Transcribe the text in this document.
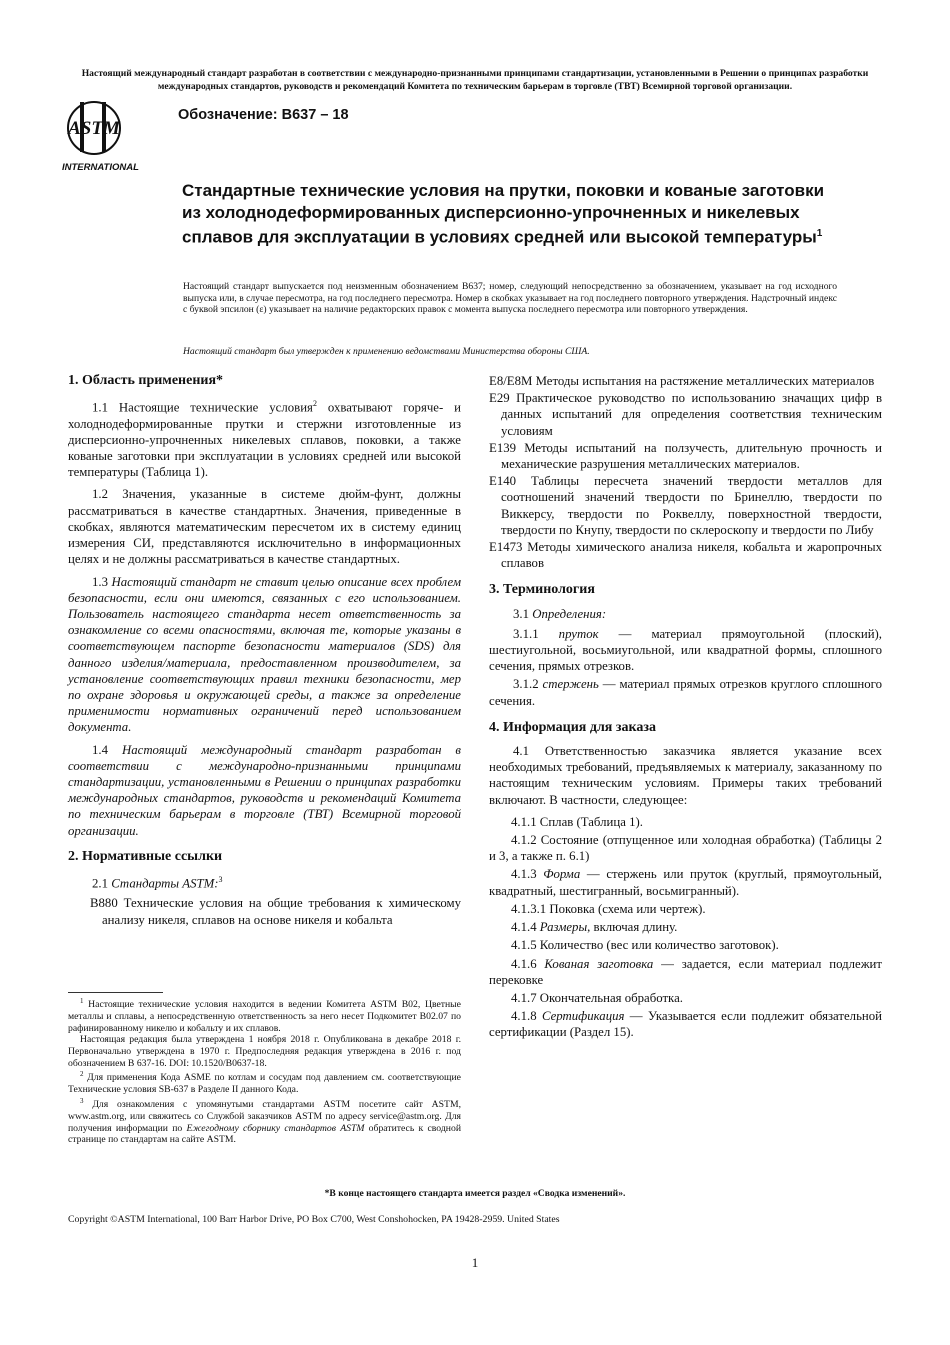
Настоящий международный стандарт разработан в соответствии с международно-признанными принципами стандартизации, установленными в Решении о принципах разработки международных стандартов, руководств и рекомендаций Комитета по техническим барьерам в торговле (ТВТ) Всемирной торговой организации.
ASTM
INTERNATIONAL
Обозначение: B637 – 18
Стандартные технические условия на прутки, поковки и кованые заготовки из холоднодеформированных дисперсионно-упрочненных и никелевых сплавов для эксплуатации в условиях средней или высокой температуры$^1$
Настоящий стандарт выпускается под неизменным обозначением B637; номер, следующий непосредственно за обозначением, указывает на год исходного выпуска или, в случае пересмотра, на год последнего пересмотра. Номер в скобках указывает на год последнего повторного утверждения. Надстрочный индекс с буквой эпсилон (ε) указывает на наличие редакторских правок с момента выпуска последнего пересмотра или повторного утверждения.
Настоящий стандарт был утвержден к применению ведомствами Министерства обороны США.
1. Область применения*
1.1 Настоящие технические условия$^2$ охватывают горяче- и холоднодеформированные прутки и стержни изготовленные из дисперсионно-упрочненных никелевых сплавов, поковки, а также кованые заготовки при эксплуатации в условиях средней или высокой температуры (Таблица 1).
1.2 Значения, указанные в системе дюйм-фунт, должны рассматриваться в качестве стандартных. Значения, приведенные в скобках, являются математическим пересчетом их в систему единиц измерения СИ, представляются исключительно в информационных целях и не должны рассматриваться в качестве стандартных.
1.3 Настоящий стандарт не ставит целью описание всех проблем безопасности, если они имеются, связанных с его использованием. Пользователь настоящего стандарта несет ответственность за ознакомление со всеми опасностями, включая те, которые указаны в соответствующем паспорте безопасности материалов (SDS) для данного изделия/материала, предоставленном производителем, за установление соответствующих правил техники безопасности, мер по охране здоровья и окружающей среды, а также за определение применимости нормативных ограничений перед использованием документа.
1.4 Настоящий международный стандарт разработан в соответствии с международно-признанными принципами стандартизации, установленными в Решении о принципах разработки международных стандартов, руководств и рекомендаций Комитета по техническим барьерам в торговле (ТВТ) Всемирной торговой организации.
2. Нормативные ссылки
2.1 Стандарты ASTM:$^3$
B880 Технические условия на общие требования к химическому анализу никеля, сплавов на основе никеля и кобальта

$^1$ Настоящие технические условия находится в ведении Комитета ASTM B02, Цветные металлы и сплавы, а непосредственную ответственность за него несет Подкомитет B02.07 по рафинированному никелю и кобальту и их сплавов.

Настоящая редакция была утверждена 1 ноября 2018 г. Опубликована в декабре 2018 г. Первоначально утверждена в 1970 г. Предпоследняя редакция утверждена в 2016 г. под обозначением B 637-16. DOI: 10.1520/B0637-18.

$^2$ Для применения Кода ASME по котлам и сосудам под давлением см. соответствующие Технические условия SB-637 в Разделе II данного Кода.

$^3$ Для ознакомления с упомянутыми стандартами ASTM посетите сайт ASTM, www.astm.org, или свяжитесь со Службой заказчиков ASTM по адресу service@astm.org. Для получения информации по Ежегодному сборнику стандартов ASTM обратитесь к сводной странице по стандартам на сайте ASTM.

E8/E8M Методы испытания на растяжение металлических материалов
E29 Практическое руководство по использованию значащих цифр в данных испытаний для определения соответствия техническим условиям
E139 Методы испытаний на ползучесть, длительную прочность и механические разрушения металлических материалов.
E140 Таблицы пересчета значений твердости металлов для соотношений значений твердости по Бринеллю, твердости по Виккерсу, твердости по Роквеллу, поверхностной твердости, твердости по Кнупу, твердости по склероскопу и твердости по Либу
E1473 Методы химического анализа никеля, кобальта и жаропрочных сплавов
3. Терминология
3.1 Определения:
3.1.1 пруток — материал прямоугольной (плоский), шестиугольной, восьмиугольной, или квадратной формы, сплошного сечения, прямых отрезков.
3.1.2 стержень — материал прямых отрезков круглого сплошного сечения.
4. Информация для заказа
4.1 Ответственностью заказчика является указание всех необходимых требований, предъявляемых к материалу, заказанному по настоящим техническим условиям. Примеры таких требований включают. В частности, следующее:
4.1.1 Сплав (Таблица 1).
4.1.2 Состояние (отпущенное или холодная обработка) (Таблицы 2 и 3, а также п. 6.1)
4.1.3 Форма — стержень или пруток (круглый, прямоугольный, квадратный, шестигранный, восьмигранный).
4.1.3.1 Поковка (схема или чертеж).
4.1.4 Размеры, включая длину.
4.1.5 Количество (вес или количество заготовок).
4.1.6 Кованая заготовка — задается, если материал подлежит перековке
4.1.7 Окончательная обработка.
4.1.8 Сертификация — Указывается если подлежит обязательной сертификации (Раздел 15).
*В конце настоящего стандарта имеется раздел «Сводка изменений».
Copyright ©ASTM International, 100 Barr Harbor Drive, PO Box C700, West Conshohocken, PA 19428-2959. United States
1
